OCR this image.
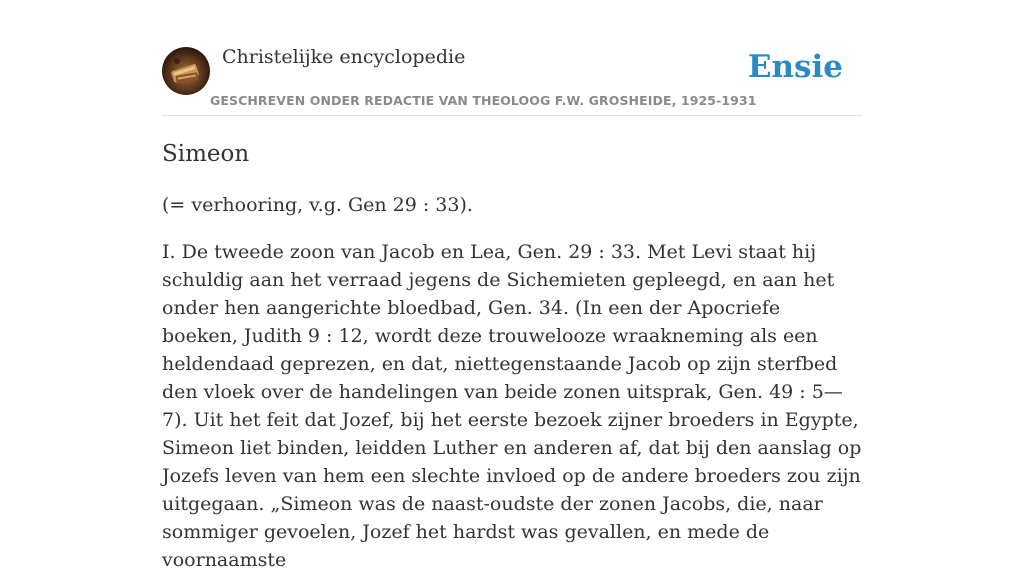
Christelijke encyclopedie
GESCHREVEN ONDER REDACTIE VAN THEOLOOG F.W. GROSHEIDE, 1925-1931
Ensie
Simeon

(= verhooring, v.g. Gen 29 : 33).

I. De tweede zoon van Jacob en Lea, Gen. 29 : 33. Met Levi staat hij schuldig aan het verraad jegens de Sichemieten gepleegd, en aan het onder hen aangerichte bloedbad, Gen. 34. (In een der Apocriefe boeken, Judith 9 : 12, wordt deze trouwelooze wraakneming als een heldendaad geprezen, en dat, niettegenstaande Jacob op zijn sterfbed den vloek over de handelingen van beide zonen uitsprak, Gen. 49 : 5—7). Uit het feit dat Jozef, bij het eerste bezoek zijner broeders in Egypte, Simeon liet binden, leidden Luther en anderen af, dat bij den aanslag op Jozefs leven van hem een slechte invloed op de andere broeders zou zijn uitgegaan. „Simeon was de naast-oudste der zonen Jacobs, die, naar sommiger gevoelen, Jozef het hardst was gevallen, en mede de voornaamste
